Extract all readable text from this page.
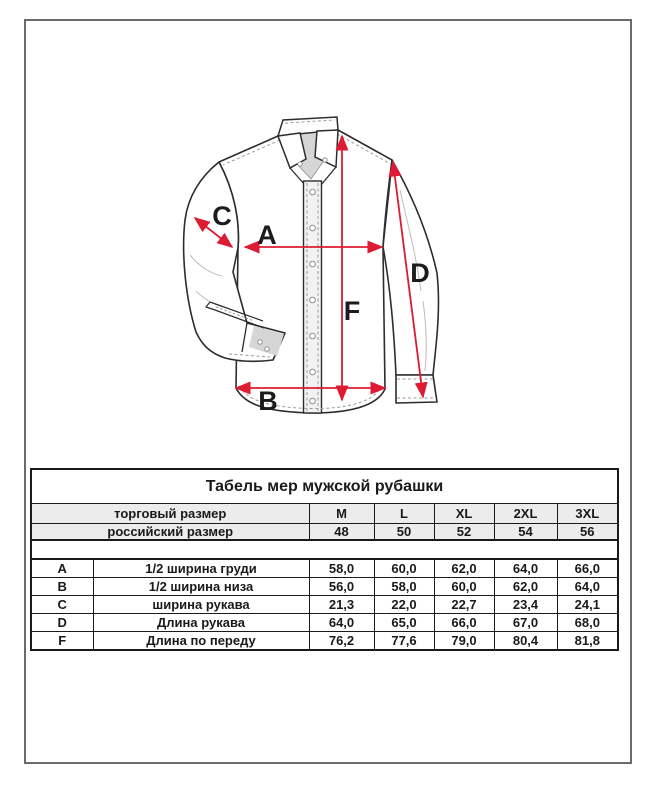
C
A
F
D
B
Табель мер мужской рубашки						
торговый размер		M	L	XL	2XL	3XL
российский размер		48	50	52	54	56

A	1/2 ширина груди	58,0	60,0	62,0	64,0	66,0
B	1/2 ширина низа	56,0	58,0	60,0	62,0	64,0
C	ширина рукава	21,3	22,0	22,7	23,4	24,1
D	Длина рукава	64,0	65,0	66,0	67,0	68,0
F	Длина по переду	76,2	77,6	79,0	80,4	81,8
